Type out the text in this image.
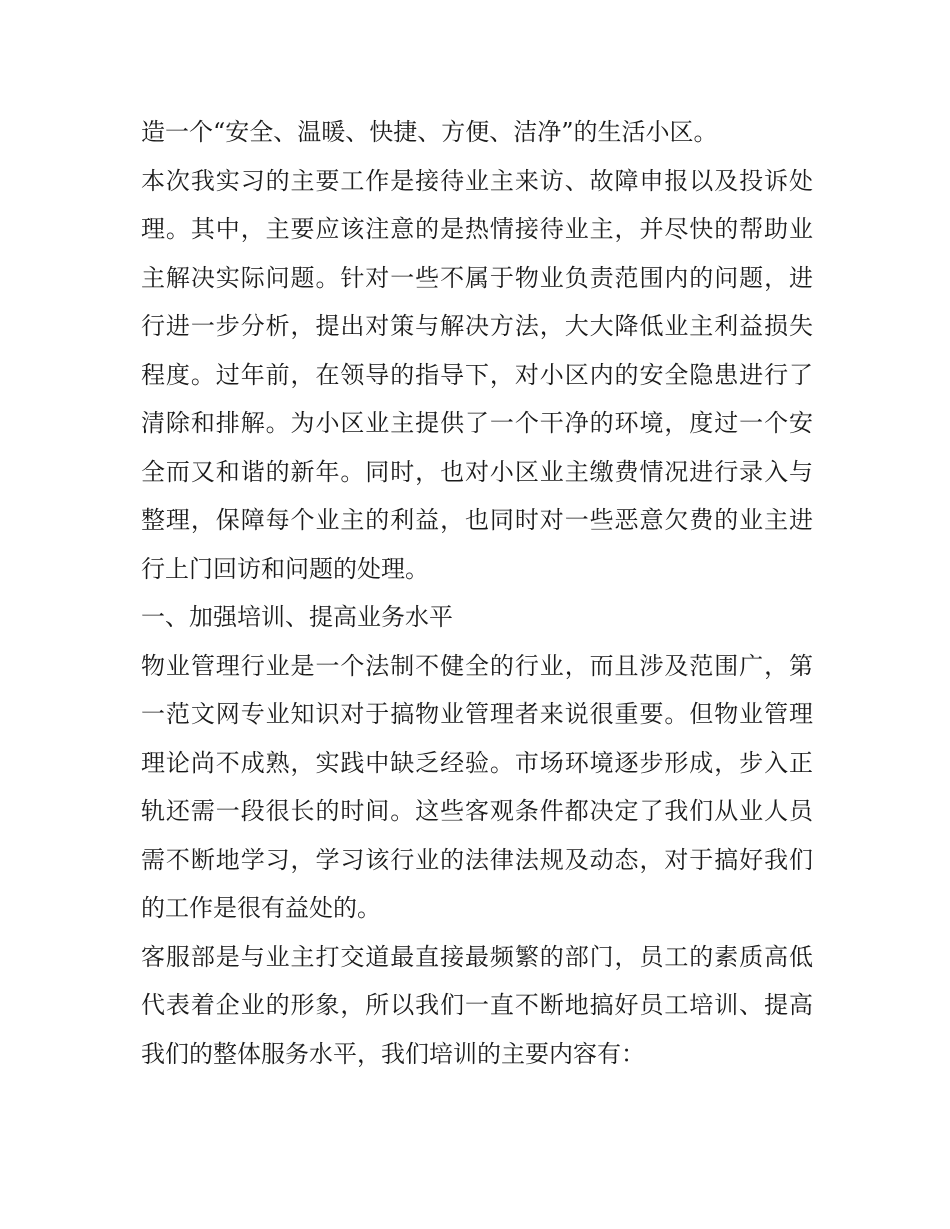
造一个“安全、温暖、快捷、方便、洁净”的生活小区。
本次我实习的主要工作是接待业主来访、故障申报以及投诉处
理。其中，主要应该注意的是热情接待业主，并尽快的帮助业
主解决实际问题。针对一些不属于物业负责范围内的问题，进
行进一步分析，提出对策与解决方法，大大降低业主利益损失
程度。过年前，在领导的指导下，对小区内的安全隐患进行了
清除和排解。为小区业主提供了一个干净的环境，度过一个安
全而又和谐的新年。同时，也对小区业主缴费情况进行录入与
整理，保障每个业主的利益，也同时对一些恶意欠费的业主进
行上门回访和问题的处理。
一、加强培训、提高业务水平
物业管理行业是一个法制不健全的行业，而且涉及范围广，第
一范文网专业知识对于搞物业管理者来说很重要。但物业管理
理论尚不成熟，实践中缺乏经验。市场环境逐步形成，步入正
轨还需一段很长的时间。这些客观条件都决定了我们从业人员
需不断地学习，学习该行业的法律法规及动态，对于搞好我们
的工作是很有益处的。
客服部是与业主打交道最直接最频繁的部门，员工的素质高低
代表着企业的形象，所以我们一直不断地搞好员工培训、提高
我们的整体服务水平，我们培训的主要内容有：
